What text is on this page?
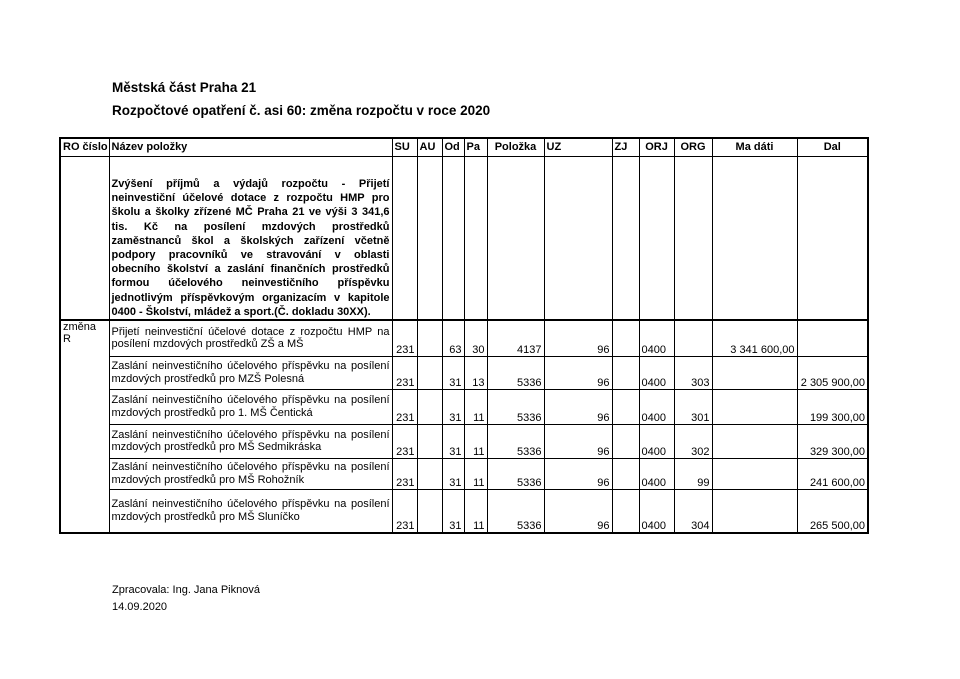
Městská část Praha 21
Rozpočtové opatření č. asi 60: změna rozpočtu v roce 2020
RO číslo	Název položky	SU	AU	Od	Pa	Položka	UZ	ZJ	ORJ	ORG	Ma dáti	Dal
	Zvýšení příjmů a výdajů rozpočtu - Přijetí neinvestiční účelové dotace z rozpočtu HMP pro školu a školky zřízené MČ Praha 21 ve výši 3 341,6 tis. Kč na posílení mzdových prostředků zaměstnanců škol a školských zařízení včetně podpory pracovníků ve stravování v oblasti obecního školství a zaslání finančních prostředků formou účelového neinvestičního příspěvku jednotlivým příspěvkovým organizacím v kapitole 0400 - Školství, mládež a sport.(Č. dokladu 30XX).											
změna R	Přijetí neinvestiční účelové dotace z rozpočtu HMP na posílení mzdových prostředků ZŠ a MŠ	231		63	30	4137	96		0400		3 341 600,00	
	Zaslání neinvestičního účelového příspěvku na posílení mzdových prostředků pro MZŠ Polesná	231		31	13	5336	96		0400	303		2 305 900,00
	Zaslání neinvestičního účelového příspěvku na posílení mzdových prostředků pro 1. MŠ Čentická	231		31	11	5336	96		0400	301		199 300,00
	Zaslání neinvestičního účelového příspěvku na posílení mzdových prostředků pro MŠ Sedmikráska	231		31	11	5336	96		0400	302		329 300,00
	Zaslání neinvestičního účelového příspěvku na posílení mzdových prostředků pro MŠ Rohožník	231		31	11	5336	96		0400	99		241 600,00
	Zaslání neinvestičního účelového příspěvku na posílení mzdových prostředků pro MŠ Sluníčko	231		31	11	5336	96		0400	304		265 500,00
Zpracovala: Ing. Jana Piknová
14.09.2020
